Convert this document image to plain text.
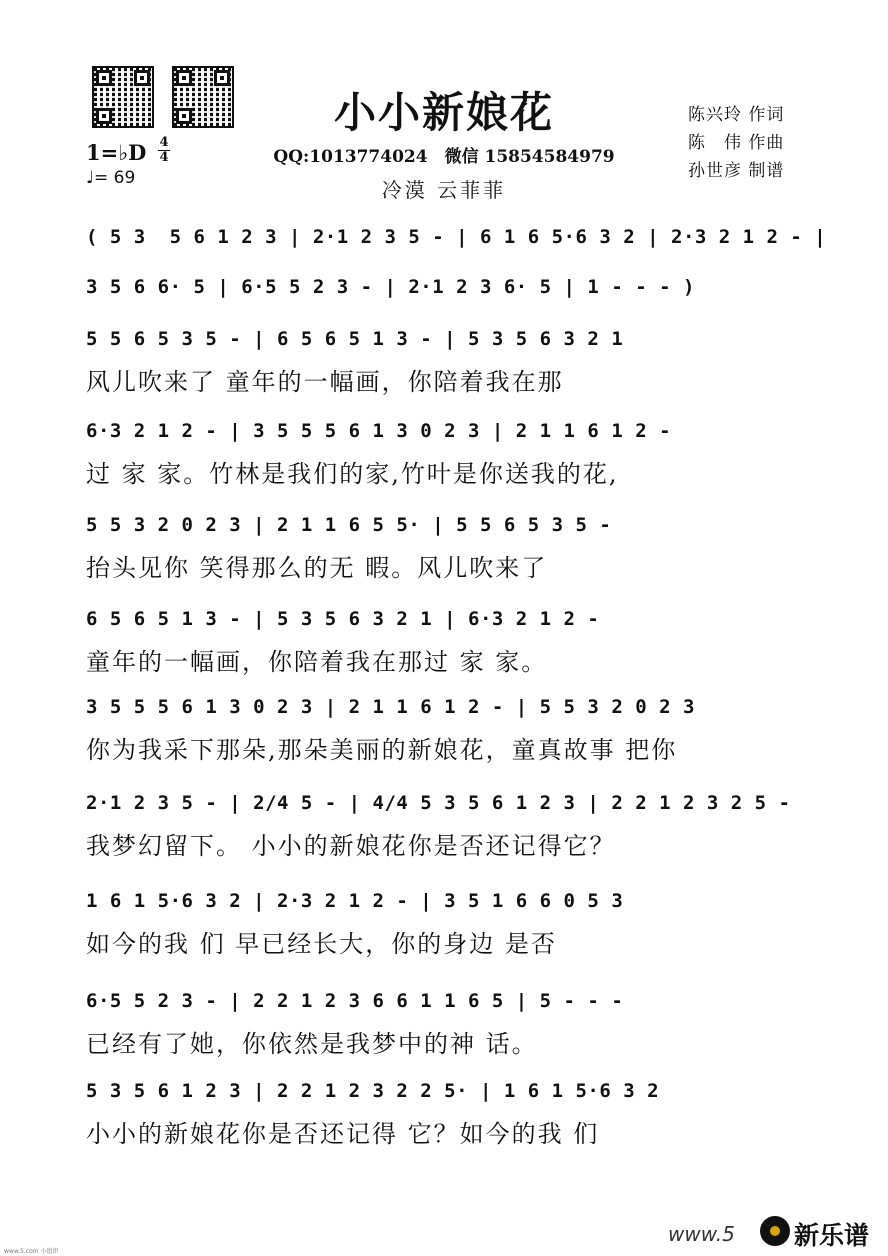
小小新娘花	陈兴玲 作词
陈　伟 作曲
孙世彦 制谱
1=♭D 4
4
♩= 69
QQ:1013774024　微信 15854584979
冷漠 云菲菲
( 5 3  5 6 1 2 3 | 2·1 2 3 5 - | 6 1 6 5·6 3 2 | 2·3 2 1 2 - |
3 5 6 6· 5 | 6·5 5 2 3 - | 2·1 2 3 6· 5 | 1 - - - )
5 5 6 5 3 5 - | 6 5 6 5 1 3 - | 5 3 5 6 3 2 1
风儿吹来了 童年的一幅画，你陪着我在那
6·3 2 1 2 - | 3 5 5 5 6 1 3 0 2 3 | 2 1 1 6 1 2 -
过 家 家。竹林是我们的家,竹叶是你送我的花,
5 5 3 2 0 2 3 | 2 1 1 6 5 5· | 5 5 6 5 3 5 -
抬头见你 笑得那么的无 暇。风儿吹来了
6 5 6 5 1 3 - | 5 3 5 6 3 2 1 | 6·3 2 1 2 -
童年的一幅画，你陪着我在那过 家 家。
3 5 5 5 6 1 3 0 2 3 | 2 1 1 6 1 2 - | 5 5 3 2 0 2 3
你为我采下那朵,那朵美丽的新娘花，童真故事 把你
2·1 2 3 5 - | 2/4 5 - | 4/4 5 3 5 6 1 2 3 | 2 2 1 2 3 2 5 -
我梦幻留下。 小小的新娘花你是否还记得它？
1 6 1 5·6 3 2 | 2·3 2 1 2 - | 3 5 1 6 6 0 5 3
如今的我 们 早已经长大，你的身边 是否
6·5 5 2 3 - | 2 2 1 2 3 6 6 1 1 6 5 | 5 - - -
已经有了她，你依然是我梦中的神 话。
5 3 5 6 1 2 3 | 2 2 1 2 3 2 2 5· | 1 6 1 5·6 3 2
小小的新娘花你是否还记得 它？如今的我 们
www.5 新乐谱
www.5.com 小组织
